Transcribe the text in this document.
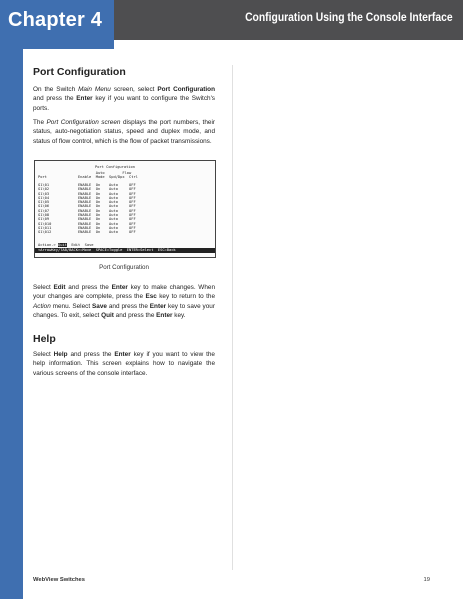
Chapter 4	Configuration Using the Console Interface
Port Configuration

On the Switch Main Menu screen, select Port Configuration and press the Enter key if you want to configure the Switch's ports.

The Port Configuration screen displays the port numbers, their status, auto-negotiation status, speed and duplex mode, and status of flow control, which is the flow of packet transmissions.

Port Configuration
Auto        Flow
Port              Enable  Mode  Spd/Dpx  Ctrl
G1\01             ENABLE  On    Auto     OFF
G1\02             ENABLE  On    Auto     OFF
G1\03             ENABLE  On    Auto     OFF
G1\04             ENABLE  On    Auto     OFF
G1\05             ENABLE  On    Auto     OFF
G1\06             ENABLE  On    Auto     OFF
G1\07             ENABLE  On    Auto     OFF
G1\08             ENABLE  On    Auto     OFF
G1\09             ENABLE  On    Auto     OFF
G1\010            ENABLE  On    Auto     OFF
G1\011            ENABLE  On    Auto     OFF
G1\012            ENABLE  On    Auto     OFF
Action-> Quit  Edit  Save
<ArrowKey/TAB/BACK>=Move  SPACE=Toggle  ENTER=Select  ESC=Back
Port Configuration

Select Edit and press the Enter key to make changes. When your changes are complete, press the Esc key to return to the Action menu. Select Save and press the Enter key to save your changes. To exit, select Quit and press the Enter key.

Help

Select Help and press the Enter key if you want to view the help information. This screen explains how to navigate the various screens of the console interface.

WebView Switches	19
